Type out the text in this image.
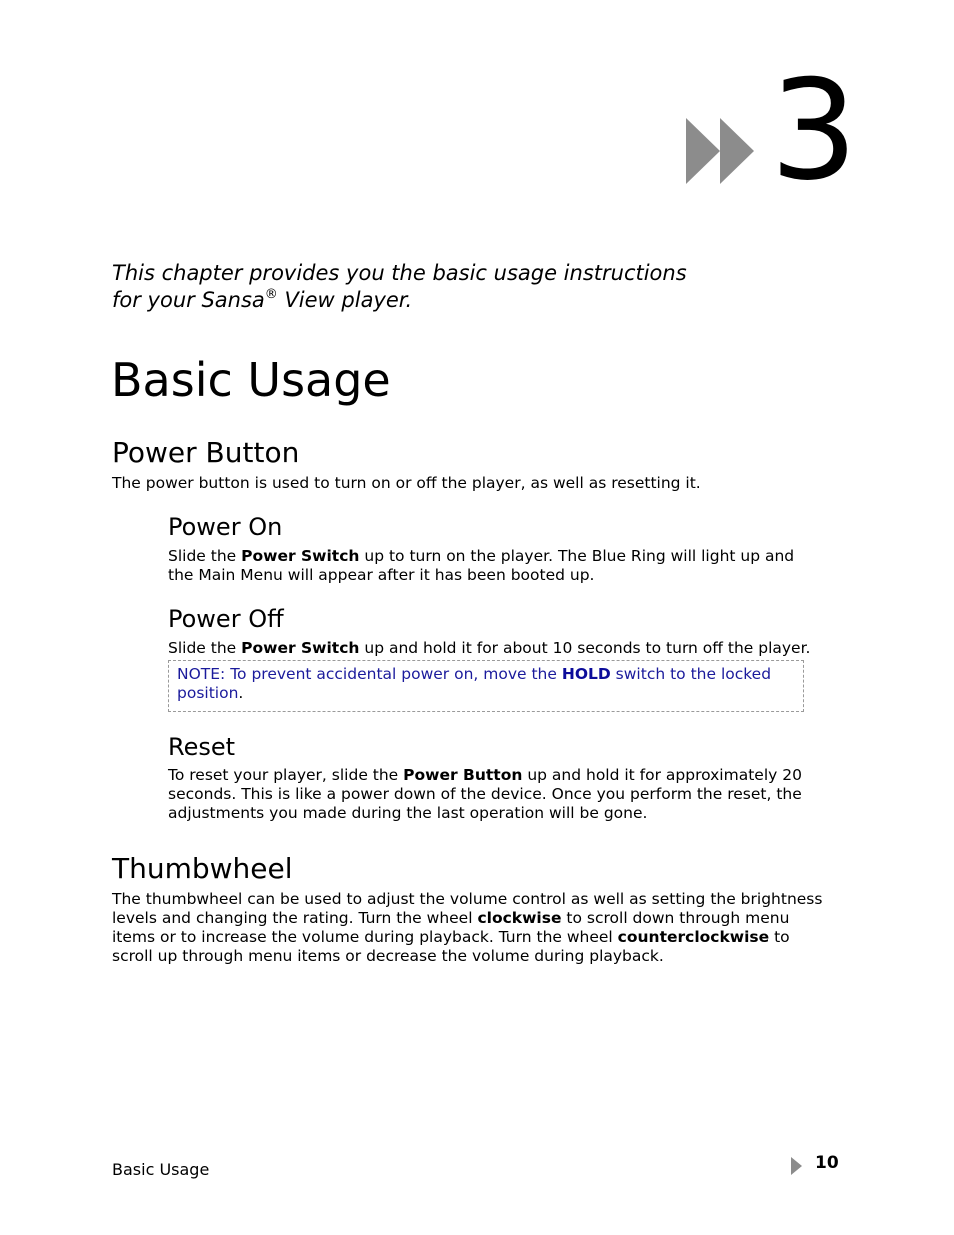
3
This chapter provides you the basic usage instructions
for your Sansa® View player.
Basic Usage
Power Button
The power button is used to turn on or off the player, as well as resetting it.
Power On
Slide the Power Switch up to turn on the player. The Blue Ring will light up and
the Main Menu will appear after it has been booted up.
Power Off
Slide the Power Switch up and hold it for about 10 seconds to turn off the player.
NOTE: To prevent accidental power on, move the HOLD switch to the locked
position.
Reset
To reset your player, slide the Power Button up and hold it for approximately 20
seconds. This is like a power down of the device. Once you perform the reset, the
adjustments you made during the last operation will be gone.
Thumbwheel
The thumbwheel can be used to adjust the volume control as well as setting the brightness
levels and changing the rating. Turn the wheel clockwise to scroll down through menu
items or to increase the volume during playback. Turn the wheel counterclockwise to
scroll up through menu items or decrease the volume during playback.
Basic Usage	10
